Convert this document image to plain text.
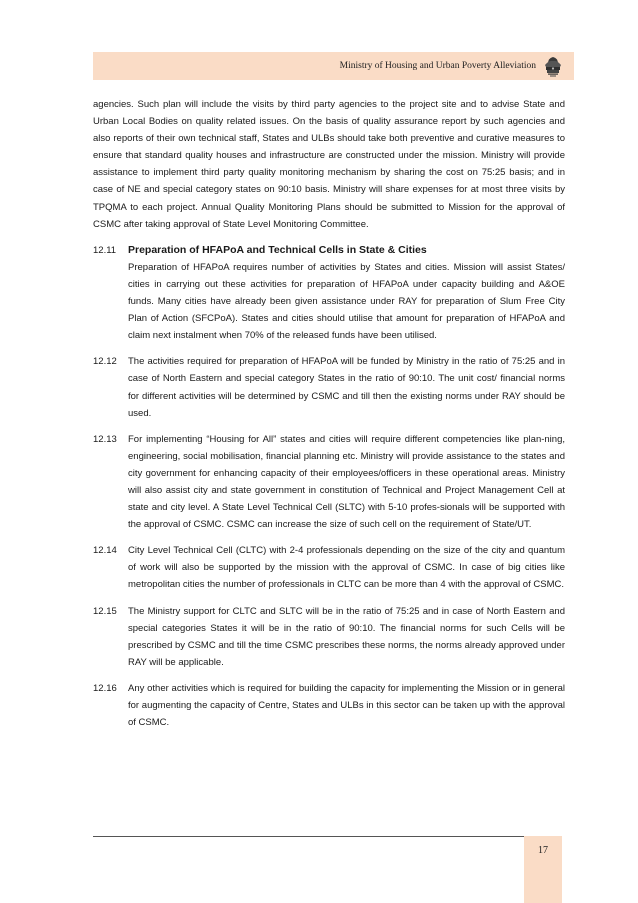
Ministry of Housing and Urban Poverty Alleviation

agencies. Such plan will include the visits by third party agencies to the project site and to advise State and Urban Local Bodies on quality related issues. On the basis of quality assurance report by such agencies and also reports of their own technical staff, States and ULBs should take both preventive and curative measures to ensure that standard quality houses and infrastructure are constructed under the mission. Ministry will provide assistance to implement third party quality monitoring mechanism by sharing the cost on 75:25 basis; and in case of NE and special category states on 90:10 basis. Ministry will share expenses for at most three visits by TPQMA to each project. Annual Quality Monitoring Plans should be submitted to Mission for the approval of CSMC after taking approval of State Level Monitoring Committee.

12.11 Preparation of HFAPoA and Technical Cells in State & Cities
Preparation of HFAPoA requires number of activities by States and cities. Mission will assist States/ cities in carrying out these activities for preparation of HFAPoA under capacity building and A&OE funds. Many cities have already been given assistance under RAY for preparation of Slum Free City Plan of Action (SFCPoA). States and cities should utilise that amount for preparation of HFAPoA and claim next instalment when 70% of the released funds have been utilised.
12.12 The activities required for preparation of HFAPoA will be funded by Ministry in the ratio of 75:25 and in case of North Eastern and special category States in the ratio of 90:10. The unit cost/ financial norms for different activities will be determined by CSMC and till then the existing norms under RAY should be used.
12.13 For implementing “Housing for All” states and cities will require different competencies like plan-ning, engineering, social mobilisation, financial planning etc. Ministry will provide assistance to the states and city government for enhancing capacity of their employees/officers in these operational areas. Ministry will also assist city and state government in constitution of Technical and Project Management Cell at state and city level. A State Level Technical Cell (SLTC) with 5-10 profes-sionals will be supported with the approval of CSMC. CSMC can increase the size of such cell on the requirement of State/UT.
12.14 City Level Technical Cell (CLTC) with 2-4 professionals depending on the size of the city and quantum of work will also be supported by the mission with the approval of CSMC. In case of big cities like metropolitan cities the number of professionals in CLTC can be more than 4 with the approval of CSMC.
12.15 The Ministry support for CLTC and SLTC will be in the ratio of 75:25 and in case of North Eastern and special categories States it will be in the ratio of 90:10. The financial norms for such Cells will be prescribed by CSMC and till the time CSMC prescribes these norms, the norms already approved under RAY will be applicable.
12.16 Any other activities which is required for building the capacity for implementing the Mission or in general for augmenting the capacity of Centre, States and ULBs in this sector can be taken up with the approval of CSMC.
17
